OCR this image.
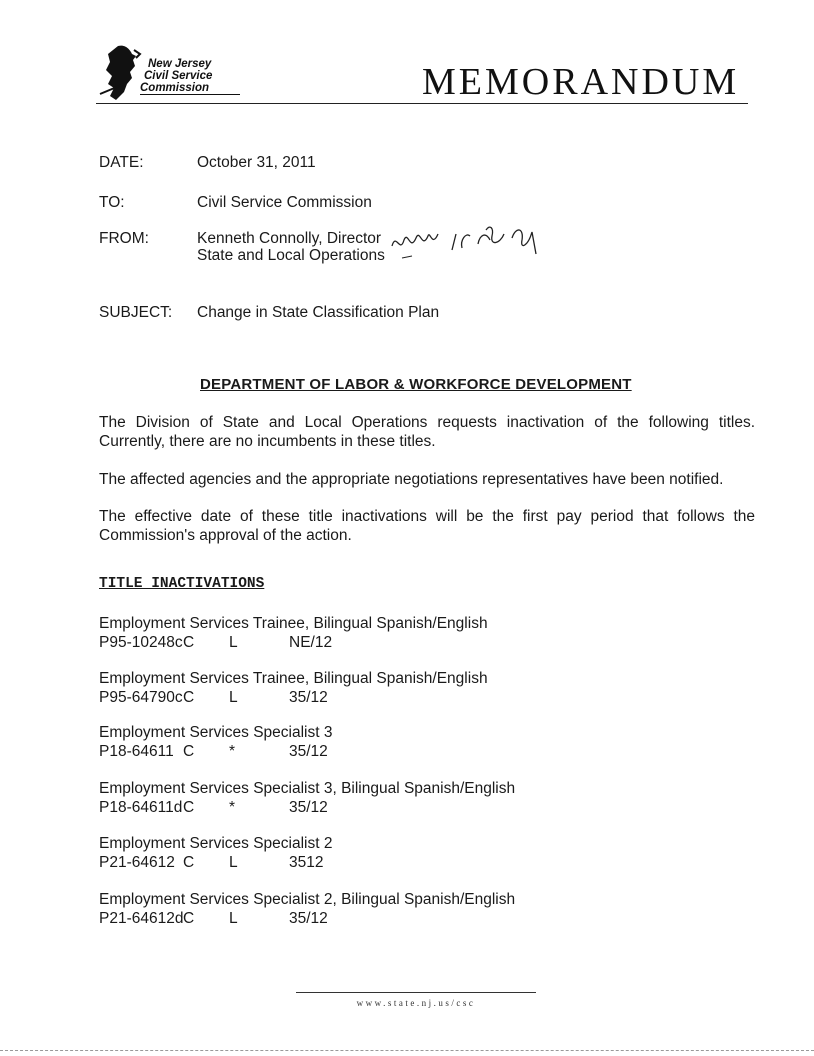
New Jersey
Civil Service
Commission	MEMORANDUM
DATE:	October 31, 2011
TO:	Civil Service Commission
FROM:	Kenneth Connolly, Director
State and Local Operations
SUBJECT: Change in State Classification Plan
DEPARTMENT OF LABOR & WORKFORCE DEVELOPMENT
The Division of State and Local Operations requests inactivation of the following titles. Currently, there are no incumbents in these titles.
The affected agencies and the appropriate negotiations representatives have been notified.
The effective date of these title inactivations will be the first pay period that follows the Commission's approval of the action.
TITLE INACTIVATIONS
Employment Services Trainee, Bilingual Spanish/English
P95-10248c C L	NE/12
Employment Services Trainee, Bilingual Spanish/English
P95-64790c C L	35/12
Employment Services Specialist 3
P18-64611 C *	35/12
Employment Services Specialist 3, Bilingual Spanish/English
P18-64611d C *	35/12
Employment Services Specialist 2
P21-64612 C L	3512
Employment Services Specialist 2, Bilingual Spanish/English
P21-64612d C L	35/12
www.state.nj.us/csc
